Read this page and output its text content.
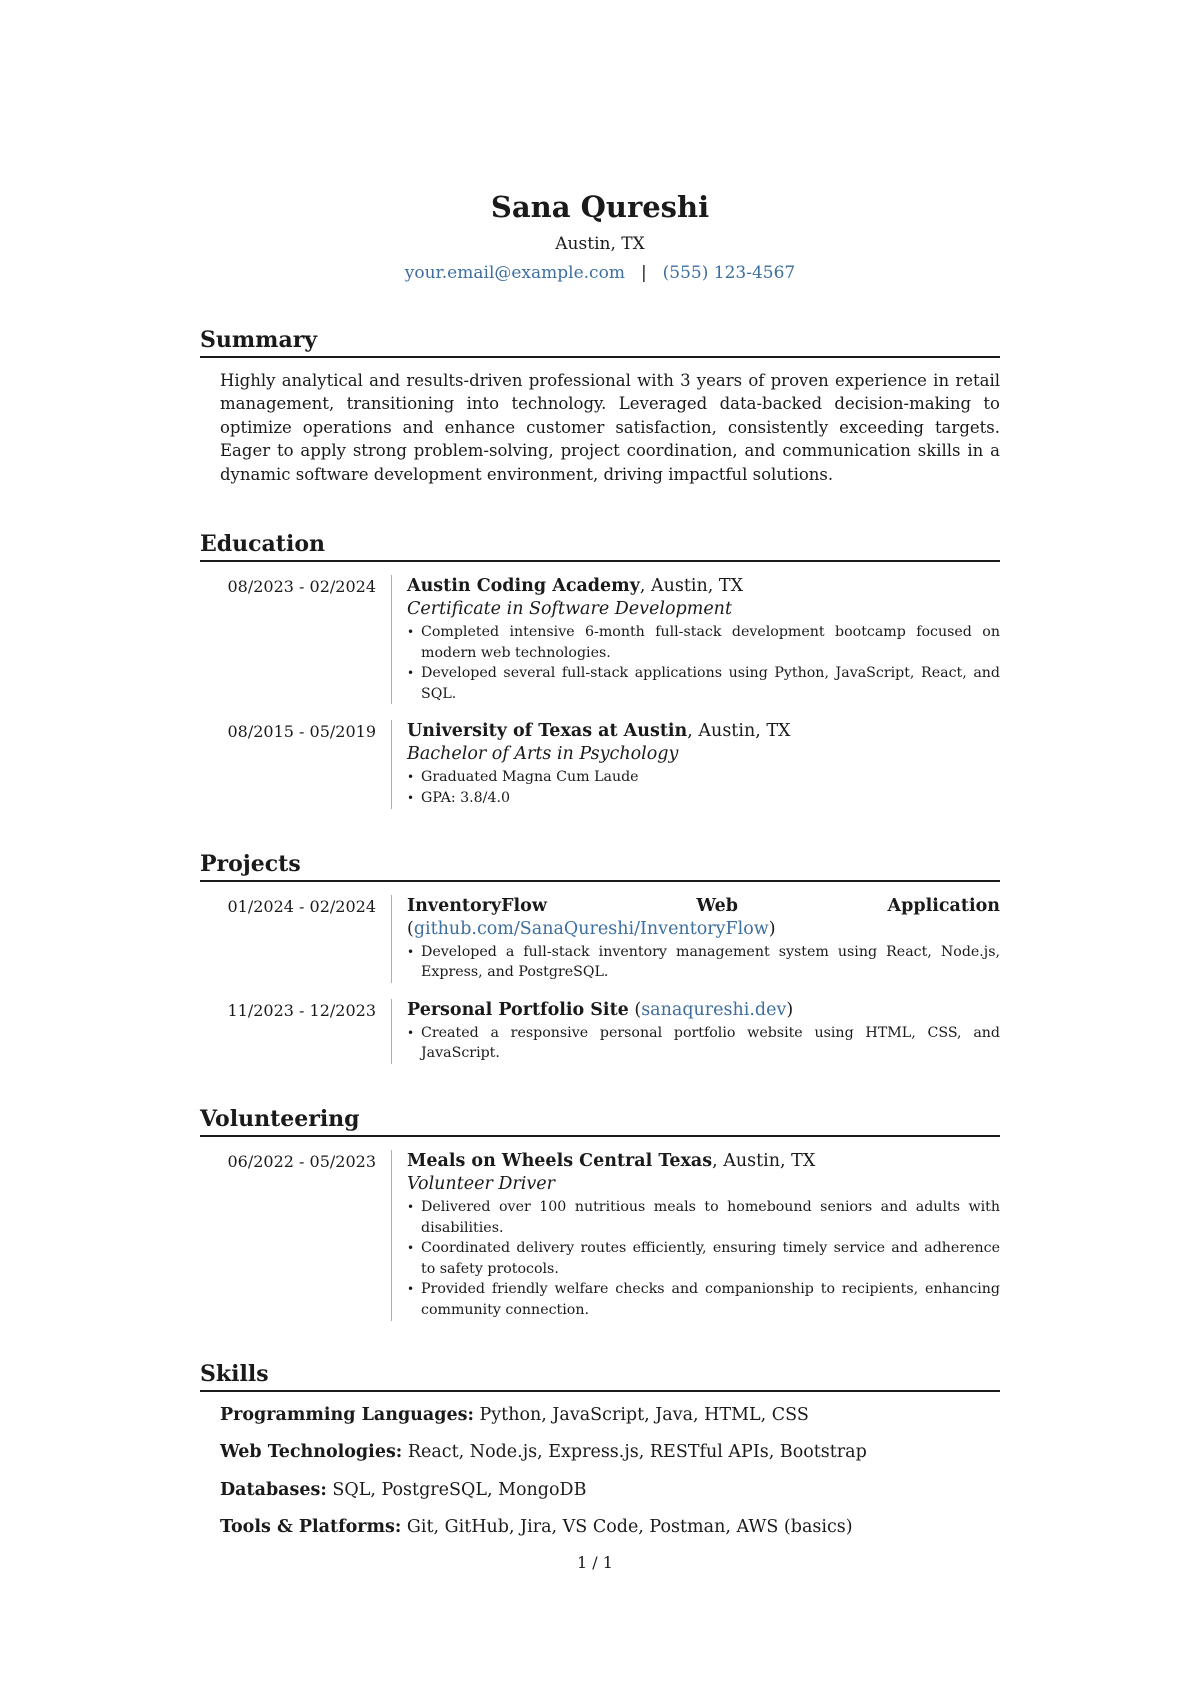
Sana Qureshi
Austin, TX
your.email@example.com | (555) 123-4567
Summary

Highly analytical and results-driven professional with 3 years of proven experience in retail management, transitioning into technology. Leveraged data-backed decision-making to optimize operations and enhance customer satisfaction, consistently exceeding targets. Eager to apply strong problem-solving, project coordination, and communication skills in a dynamic software development environment, driving impactful solutions.

Education
08/2023 - 02/2024	Austin Coding Academy, Austin, TX
Certificate in Software Development
• Completed intensive 6-month full-stack development bootcamp focused on modern web technologies.
• Developed several full-stack applications using Python, JavaScript, React, and SQL.
08/2015 - 05/2019	University of Texas at Austin, Austin, TX
Bachelor of Arts in Psychology
• Graduated Magna Cum Laude
• GPA: 3.8/4.0
Projects
01/2024 - 02/2024	InventoryFlow Web Application (github.com/SanaQureshi/InventoryFlow)
• Developed a full-stack inventory management system using React, Node.js, Express, and PostgreSQL.
11/2023 - 12/2023	Personal Portfolio Site (sanaqureshi.dev)
• Created a responsive personal portfolio website using HTML, CSS, and JavaScript.
Volunteering
06/2022 - 05/2023	Meals on Wheels Central Texas, Austin, TX
Volunteer Driver
• Delivered over 100 nutritious meals to homebound seniors and adults with disabilities.
• Coordinated delivery routes efficiently, ensuring timely service and adherence to safety protocols.
• Provided friendly welfare checks and companionship to recipients, enhancing community connection.
Skills
Programming Languages: Python, JavaScript, Java, HTML, CSS
Web Technologies: React, Node.js, Express.js, RESTful APIs, Bootstrap
Databases: SQL, PostgreSQL, MongoDB
Tools & Platforms: Git, GitHub, Jira, VS Code, Postman, AWS (basics)
1 / 1
